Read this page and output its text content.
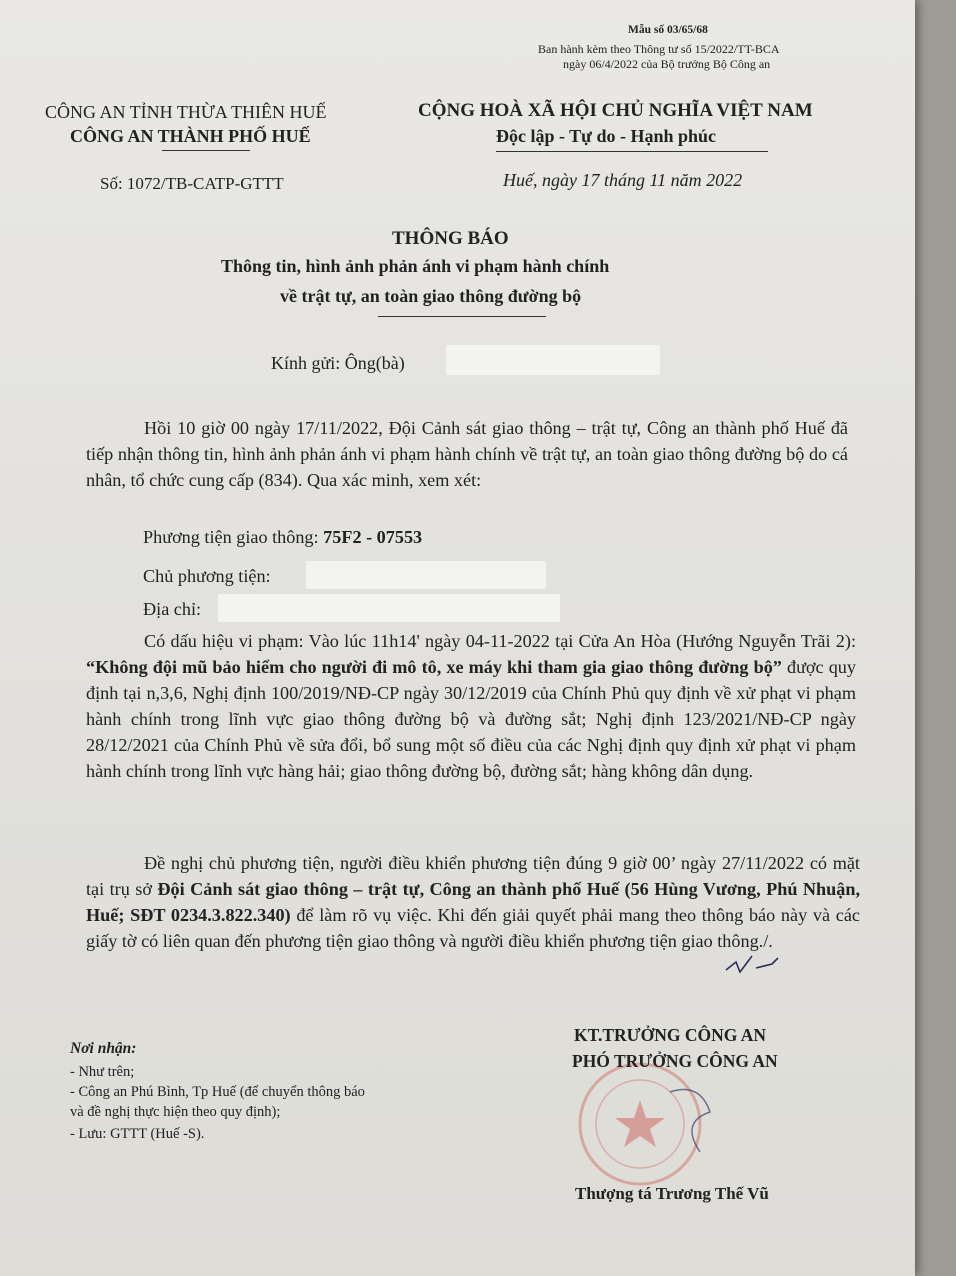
Mẫu số 03/65/68
Ban hành kèm theo Thông tư số 15/2022/TT-BCA
ngày 06/4/2022 của Bộ trưởng Bộ Công an
CÔNG AN TỈNH THỪA THIÊN HUẾ
CÔNG AN THÀNH PHỐ HUẾ
CỘNG HOÀ XÃ HỘI CHỦ NGHĨA VIỆT NAM
Độc lập - Tự do - Hạnh phúc
Số: 1072/TB-CATP-GTTT	Huế, ngày 17 tháng 11 năm 2022
THÔNG BÁO
Thông tin, hình ảnh phản ánh vi phạm hành chính
về trật tự, an toàn giao thông đường bộ
Kính gửi: Ông(bà)
Hồi 10 giờ 00 ngày 17/11/2022, Đội Cảnh sát giao thông – trật tự, Công an thành phố Huế đã tiếp nhận thông tin, hình ảnh phản ánh vi phạm hành chính về trật tự, an toàn giao thông đường bộ do cá nhân, tổ chức cung cấp (834). Qua xác minh, xem xét:
Phương tiện giao thông: 75F2 - 07553
Chủ phương tiện:
Địa chỉ:
Có dấu hiệu vi phạm: Vào lúc 11h14' ngày 04-11-2022 tại Cửa An Hòa (Hướng Nguyễn Trãi 2): “Không đội mũ bảo hiểm cho người đi mô tô, xe máy khi tham gia giao thông đường bộ” được quy định tại n,3,6, Nghị định 100/2019/NĐ-CP ngày 30/12/2019 của Chính Phủ quy định về xử phạt vi phạm hành chính trong lĩnh vực giao thông đường bộ và đường sắt; Nghị định 123/2021/NĐ-CP ngày 28/12/2021 của Chính Phủ về sửa đổi, bổ sung một số điều của các Nghị định quy định xử phạt vi phạm hành chính trong lĩnh vực hàng hải; giao thông đường bộ, đường sắt; hàng không dân dụng.
Đề nghị chủ phương tiện, người điều khiển phương tiện đúng 9 giờ 00’ ngày 27/11/2022 có mặt tại trụ sở Đội Cảnh sát giao thông – trật tự, Công an thành phố Huế (56 Hùng Vương, Phú Nhuận, Huế; SĐT 0234.3.822.340) để làm rõ vụ việc. Khi đến giải quyết phải mang theo thông báo này và các giấy tờ có liên quan đến phương tiện giao thông và người điều khiển phương tiện giao thông./.
Nơi nhận:
- Như trên;
- Công an Phú Bình, Tp Huế (để chuyển thông báo
và đề nghị thực hiện theo quy định);
- Lưu: GTTT (Huế -S).
KT.TRƯỞNG CÔNG AN
PHÓ TRƯỞNG CÔNG AN
Thượng tá Trương Thế Vũ
